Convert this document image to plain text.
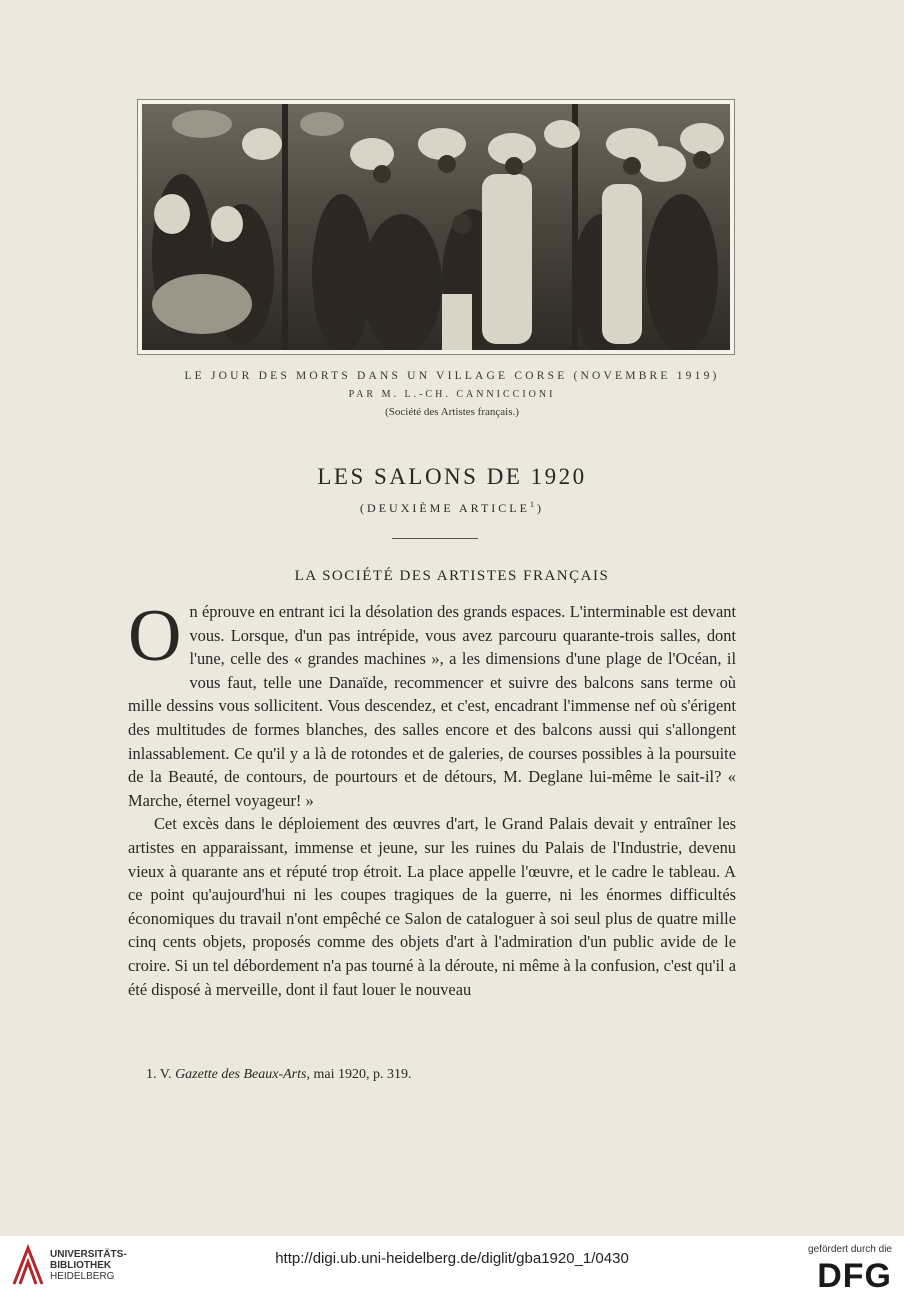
LE JOUR DES MORTS DANS UN VILLAGE CORSE (NOVEMBRE 1919)
PAR M. L.-CH. CANNICCIONI
(Société des Artistes français.)
LES SALONS DE 1920
(DEUXIÈME ARTICLE$^1$)
LA SOCIÉTÉ DES ARTISTES FRANÇAIS

On éprouve en entrant ici la désolation des grands espaces. L'interminable est devant vous. Lorsque, d'un pas intrépide, vous avez parcouru quarante-trois salles, dont l'une, celle des « grandes machines », a les dimensions d'une plage de l'Océan, il vous faut, telle une Danaïde, recommencer et suivre des balcons sans terme où mille dessins vous sollicitent. Vous descendez, et c'est, encadrant l'immense nef où s'érigent des multitudes de formes blanches, des salles encore et des balcons aussi qui s'allongent inlassablement. Ce qu'il y a là de rotondes et de galeries, de courses possibles à la poursuite de la Beauté, de contours, de pourtours et de détours, M. Deglane lui-même le sait-il? « Marche, éternel voyageur! »

Cet excès dans le déploiement des œuvres d'art, le Grand Palais devait y entraîner les artistes en apparaissant, immense et jeune, sur les ruines du Palais de l'Industrie, devenu vieux à quarante ans et réputé trop étroit. La place appelle l'œuvre, et le cadre le tableau. A ce point qu'aujourd'hui ni les coupes tragiques de la guerre, ni les énormes difficultés économiques du travail n'ont empêché ce Salon de cataloguer à soi seul plus de quatre mille cinq cents objets, proposés comme des objets d'art à l'admiration d'un public avide de le croire. Si un tel débordement n'a pas tourné à la déroute, ni même à la confusion, c'est qu'il a été disposé à merveille, dont il faut louer le nouveau

1. V. Gazette des Beaux-Arts, mai 1920, p. 319.
UNIVERSITÄTS-
BIBLIOTHEK
HEIDELBERG
http://digi.ub.uni-heidelberg.de/diglit/gba1920_1/0430
gefördert durch die
DFG
